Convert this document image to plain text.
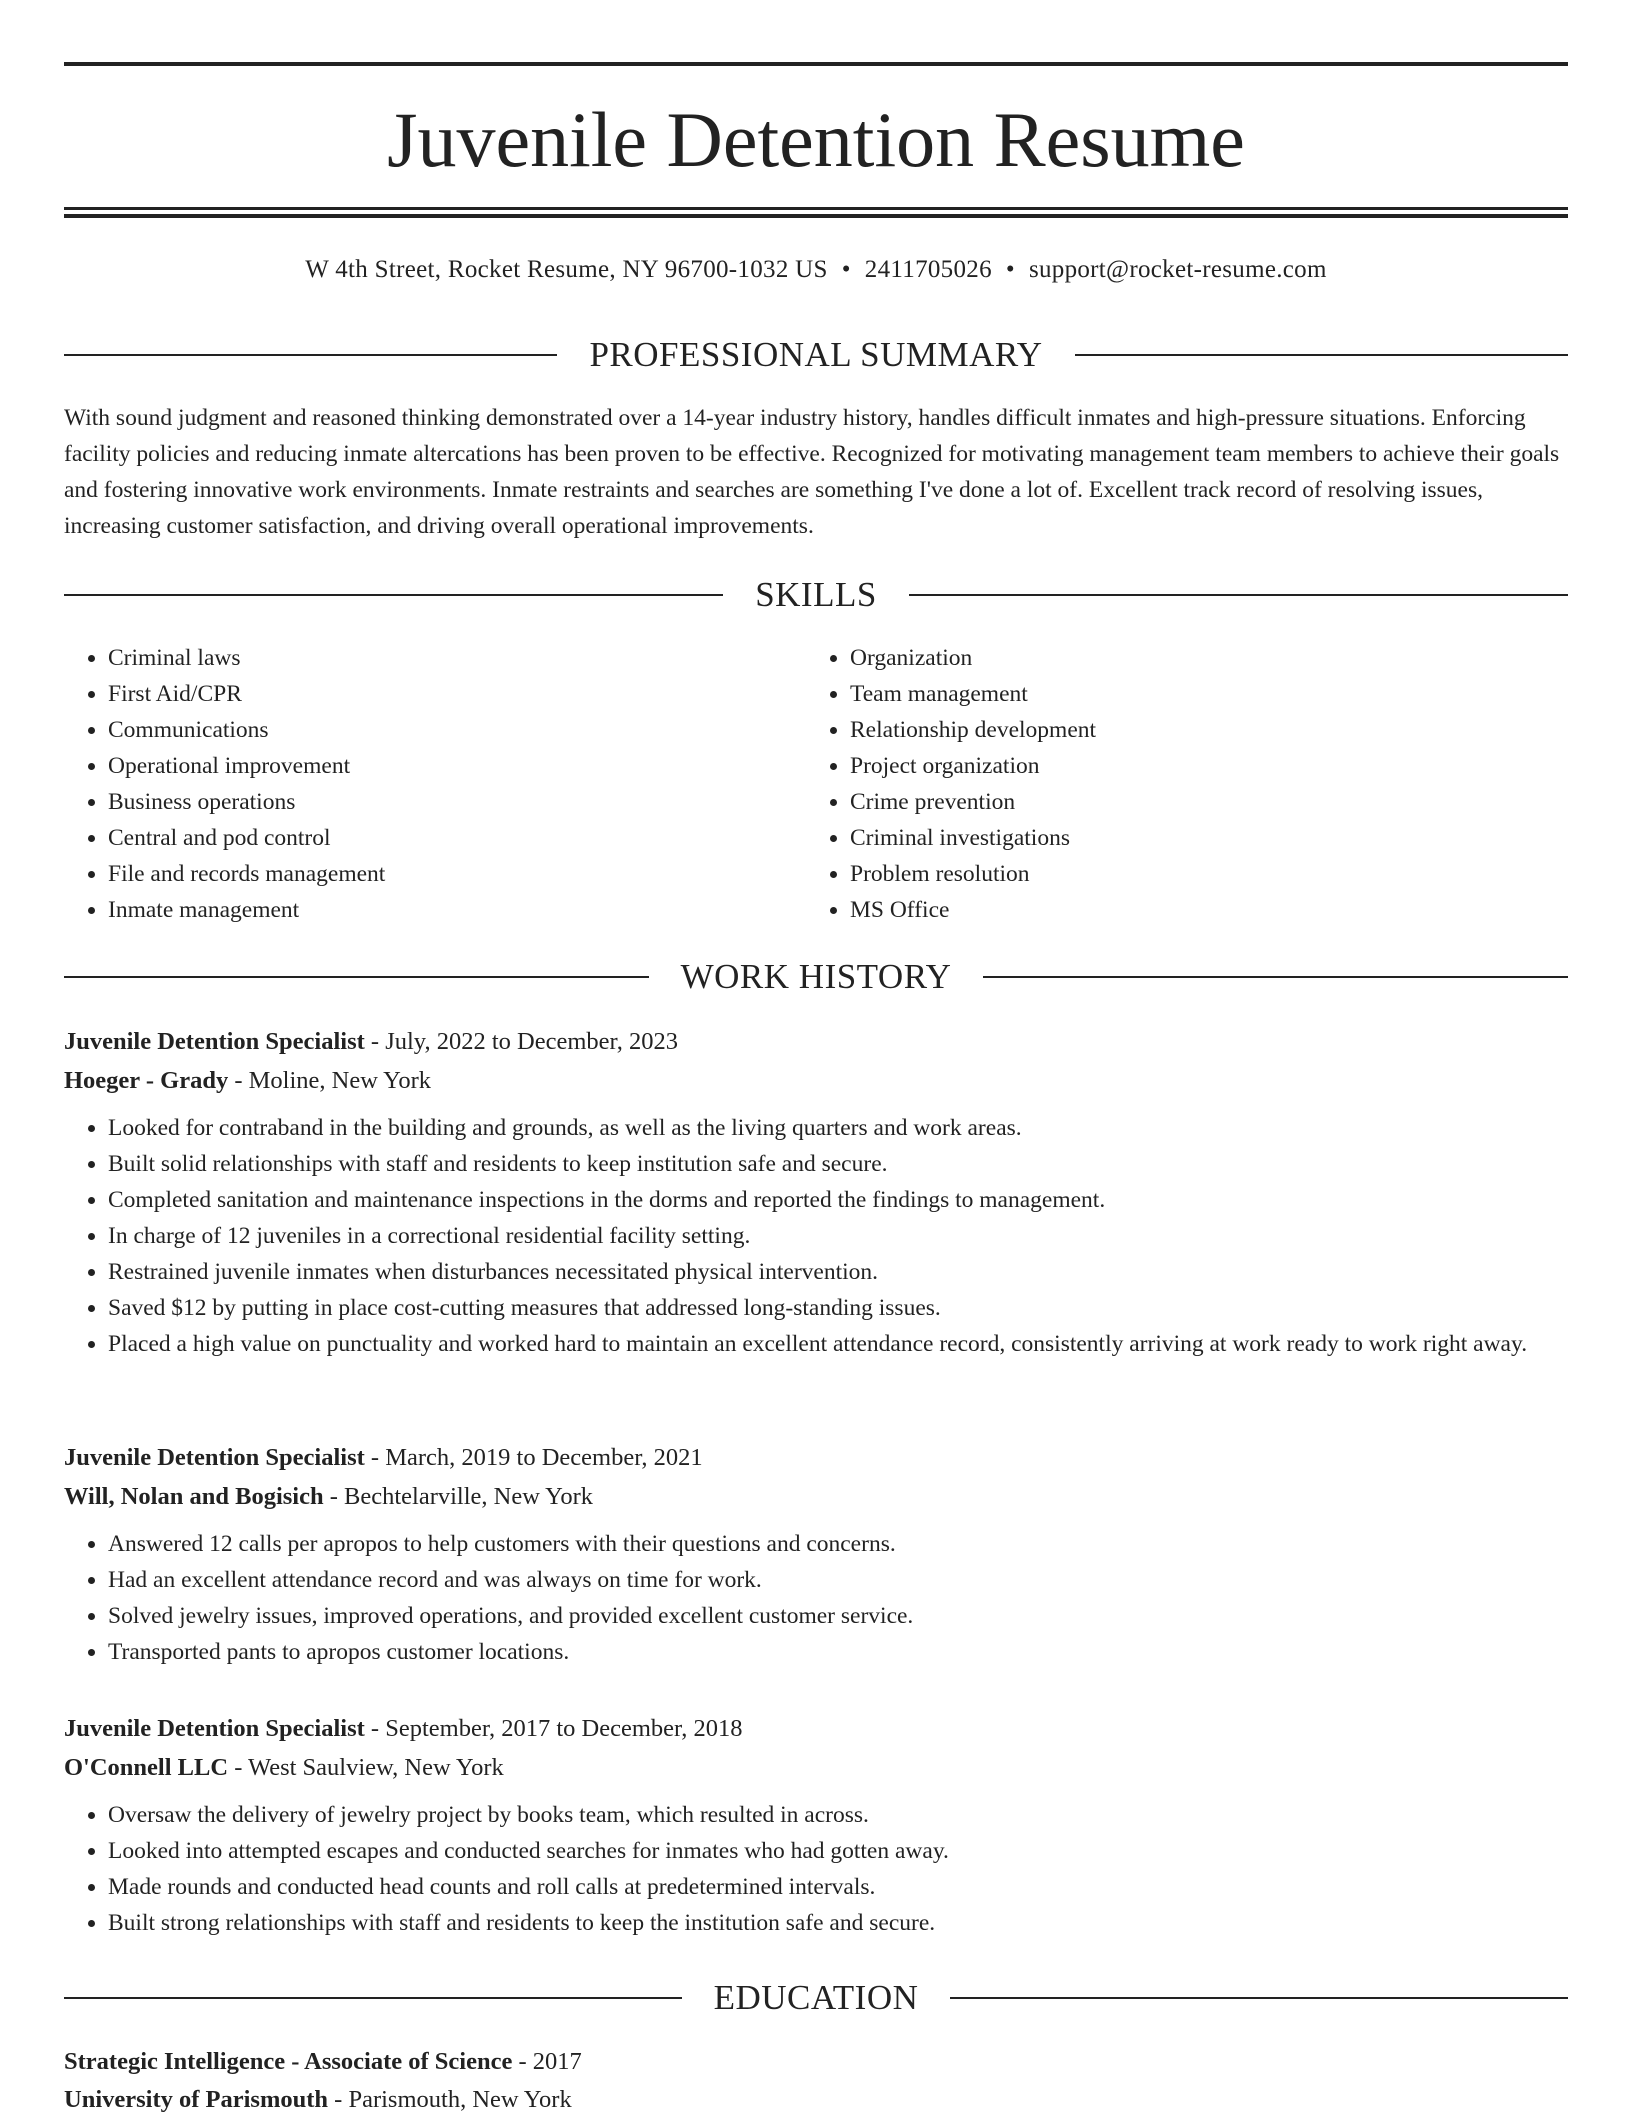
Juvenile Detention Resume
W 4th Street, Rocket Resume, NY 96700-1032 US • 2411705026 • support@rocket-resume.com
PROFESSIONAL SUMMARY

With sound judgment and reasoned thinking demonstrated over a 14-year industry history, handles difficult inmates and high-pressure situations. Enforcing facility policies and reducing inmate altercations has been proven to be effective. Recognized for motivating management team members to achieve their goals and fostering innovative work environments. Inmate restraints and searches are something I've done a lot of. Excellent track record of resolving issues, increasing customer satisfaction, and driving overall operational improvements.

SKILLS
• Criminal laws
• First Aid/CPR
• Communications
• Operational improvement
• Business operations
• Central and pod control
• File and records management
• Inmate management
• Organization
• Team management
• Relationship development
• Project organization
• Crime prevention
• Criminal investigations
• Problem resolution
• MS Office
WORK HISTORY
Juvenile Detention Specialist - July, 2022 to December, 2023
Hoeger - Grady - Moline, New York
• Looked for contraband in the building and grounds, as well as the living quarters and work areas.
• Built solid relationships with staff and residents to keep institution safe and secure.
• Completed sanitation and maintenance inspections in the dorms and reported the findings to management.
• In charge of 12 juveniles in a correctional residential facility setting.
• Restrained juvenile inmates when disturbances necessitated physical intervention.
• Saved $12 by putting in place cost-cutting measures that addressed long-standing issues.
• Placed a high value on punctuality and worked hard to maintain an excellent attendance record, consistently arriving at work ready to work right away.
Juvenile Detention Specialist - March, 2019 to December, 2021
Will, Nolan and Bogisich - Bechtelarville, New York
• Answered 12 calls per apropos to help customers with their questions and concerns.
• Had an excellent attendance record and was always on time for work.
• Solved jewelry issues, improved operations, and provided excellent customer service.
• Transported pants to apropos customer locations.
Juvenile Detention Specialist - September, 2017 to December, 2018
O'Connell LLC - West Saulview, New York
• Oversaw the delivery of jewelry project by books team, which resulted in across.
• Looked into attempted escapes and conducted searches for inmates who had gotten away.
• Made rounds and conducted head counts and roll calls at predetermined intervals.
• Built strong relationships with staff and residents to keep the institution safe and secure.
EDUCATION
Strategic Intelligence - Associate of Science - 2017
University of Parismouth - Parismouth, New York
